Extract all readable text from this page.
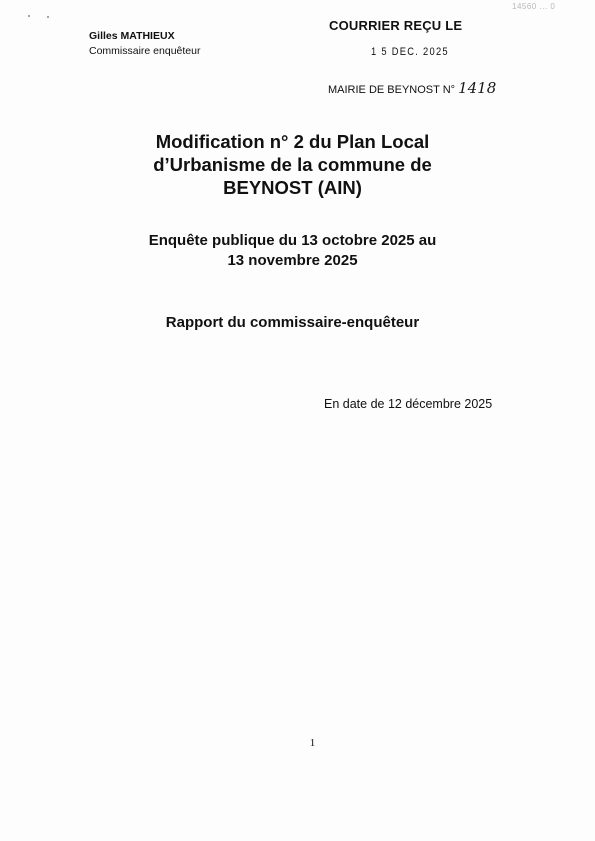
14560 ... 0
Gilles MATHIEUX
Commissaire enquêteur
COURRIER REÇU LE
1 5 DEC. 2025
MAIRIE DE BEYNOST N° 1418
Modification n° 2 du Plan Local
d’Urbanisme de la commune de
BEYNOST (AIN)
Enquête publique du 13 octobre 2025 au
13 novembre 2025
Rapport du commissaire-enquêteur
En date de 12 décembre 2025
1
